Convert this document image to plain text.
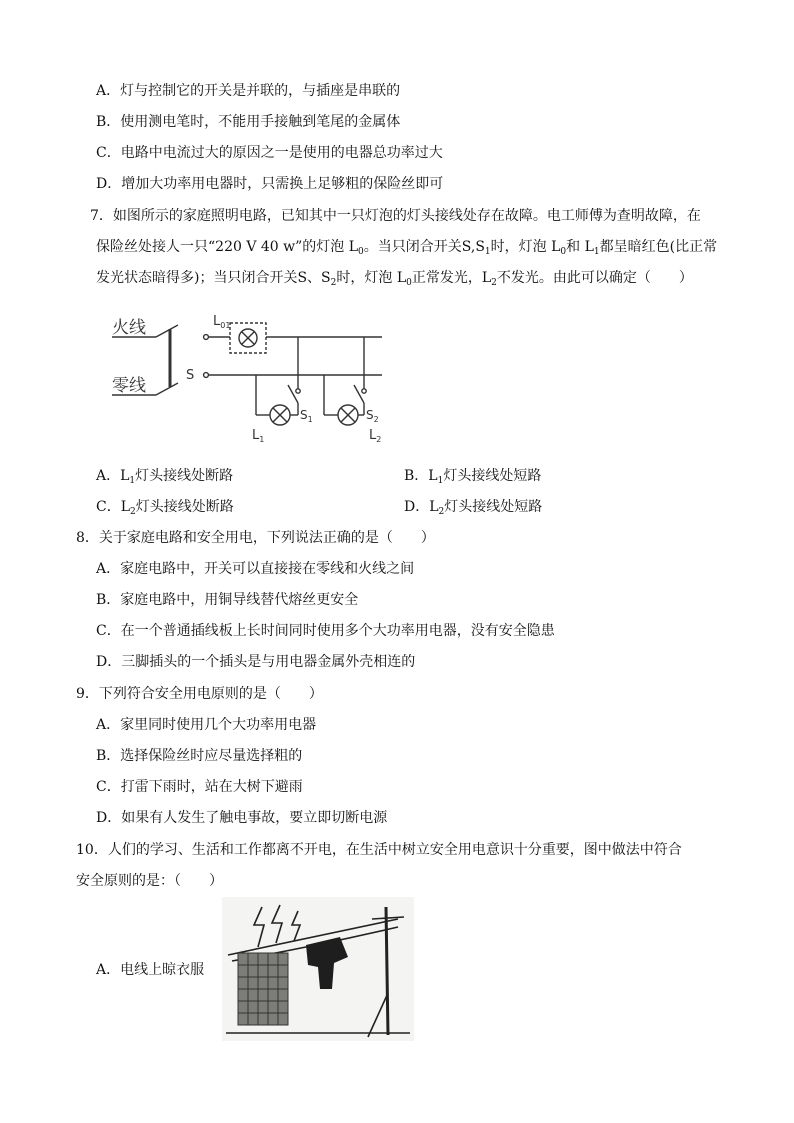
A．灯与控制它的开关是并联的，与插座是串联的
B．使用测电笔时，不能用手接触到笔尾的金属体
C．电路中电流过大的原因之一是使用的电器总功率过大
D．增加大功率用电器时，只需换上足够粗的保险丝即可
7．如图所示的家庭照明电路，已知其中一只灯泡的灯头接线处存在故障。电工师傅为查明故障，在
保险丝处接人一只“220 V 40 w”的灯泡 $L_0$。当只闭合开关$S,S_1$时，灯泡 $L_0$和 $L_1$都呈暗红色(比正常
发光状态暗得多)；当只闭合开关S、$S_2$时，灯泡 $L_0$正常发光，$L_2$不发光。由此可以确定（　　）
火线
零线
S
$L_{01}$
$S_1$	$S_2$
$L_1$	$L_2$
A．$L_1$灯头接线处断路	B．$L_1$灯头接线处短路
C．$L_2$灯头接线处断路	D．$L_2$灯头接线处短路
8．关于家庭电路和安全用电，下列说法正确的是（　　）
A．家庭电路中，开关可以直接接在零线和火线之间
B．家庭电路中，用铜导线替代熔丝更安全
C．在一个普通插线板上长时间同时使用多个大功率用电器，没有安全隐患
D．三脚插头的一个插头是与用电器金属外壳相连的
9．下列符合安全用电原则的是（　　）
A．家里同时使用几个大功率用电器
B．选择保险丝时应尽量选择粗的
C．打雷下雨时，站在大树下避雨
D．如果有人发生了触电事故，要立即切断电源
10．人们的学习、生活和工作都离不开电，在生活中树立安全用电意识十分重要，图中做法中符合
安全原则的是：（　　）
A．电线上晾衣服
